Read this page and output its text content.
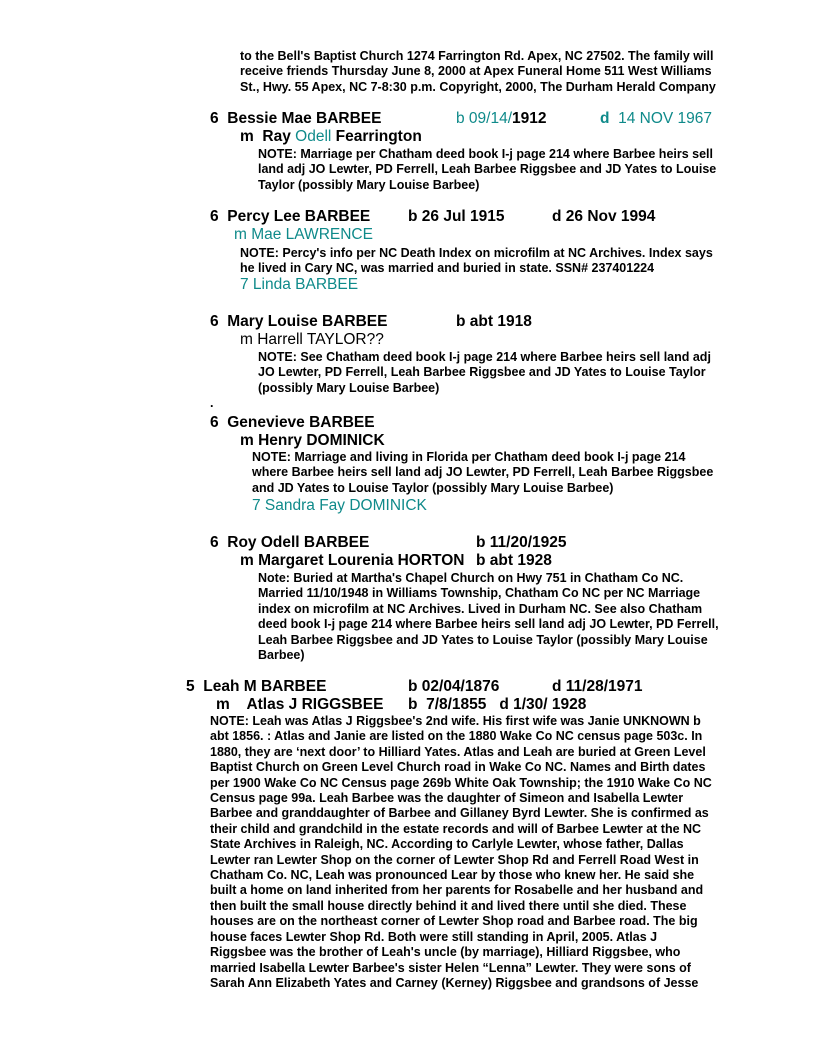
to the Bell's Baptist Church 1274 Farrington Rd. Apex, NC 27502. The family will
receive friends Thursday June 8, 2000 at Apex Funeral Home 511 West Williams
St., Hwy. 55 Apex, NC 7-8:30 p.m. Copyright, 2000, The Durham Herald Company
6 Bessie Mae BARBEE	b 09/14/1912	d 14 NOV 1967
m Ray Odell Fearrington
NOTE: Marriage per Chatham deed book I-j page 214 where Barbee heirs sell
land adj JO Lewter, PD Ferrell, Leah Barbee Riggsbee and JD Yates to Louise
Taylor (possibly Mary Louise Barbee)
6 Percy Lee BARBEE b 26 Jul 1915	d 26 Nov 1994
m Mae LAWRENCE
NOTE: Percy's info per NC Death Index on microfilm at NC Archives. Index says
he lived in Cary NC, was married and buried in state. SSN# 237401224
7 Linda BARBEE
6 Mary Louise BARBEE	b abt 1918
m Harrell TAYLOR??
NOTE: See Chatham deed book I-j page 214 where Barbee heirs sell land adj
JO Lewter, PD Ferrell, Leah Barbee Riggsbee and JD Yates to Louise Taylor
(possibly Mary Louise Barbee)
.
6 Genevieve BARBEE
m Henry DOMINICK
NOTE: Marriage and living in Florida per Chatham deed book I-j page 214
where Barbee heirs sell land adj JO Lewter, PD Ferrell, Leah Barbee Riggsbee
and JD Yates to Louise Taylor (possibly Mary Louise Barbee)
7 Sandra Fay DOMINICK
6 Roy Odell BARBEE	b 11/20/1925
m Margaret Lourenia HORTON b abt 1928
Note: Buried at Martha's Chapel Church on Hwy 751 in Chatham Co NC.
Married 11/10/1948 in Williams Township, Chatham Co NC per NC Marriage
index on microfilm at NC Archives. Lived in Durham NC. See also Chatham
deed book I-j page 214 where Barbee heirs sell land adj JO Lewter, PD Ferrell,
Leah Barbee Riggsbee and JD Yates to Louise Taylor (possibly Mary Louise
Barbee)
5 Leah M BARBEE	b 02/04/1876	d 11/28/1971
m Atlas J RIGGSBEE b  7/8/1855   d 1/30/ 1928
NOTE: Leah was Atlas J Riggsbee's 2nd wife. His first wife was Janie UNKNOWN b
abt 1856. : Atlas and Janie are listed on the 1880 Wake Co NC census page 503c. In
1880, they are ‘next door’ to Hilliard Yates. Atlas and Leah are buried at Green Level
Baptist Church on Green Level Church road in Wake Co NC. Names and Birth dates
per 1900 Wake Co NC Census page 269b White Oak Township; the 1910 Wake Co NC
Census page 99a. Leah Barbee was the daughter of Simeon and Isabella Lewter
Barbee and granddaughter of Barbee and Gillaney Byrd Lewter. She is confirmed as
their child and grandchild in the estate records and will of Barbee Lewter at the NC
State Archives in Raleigh, NC. According to Carlyle Lewter, whose father, Dallas
Lewter ran Lewter Shop on the corner of Lewter Shop Rd and Ferrell Road West in
Chatham Co. NC, Leah was pronounced Lear by those who knew her. He said she
built a home on land inherited from her parents for Rosabelle and her husband and
then built the small house directly behind it and lived there until she died. These
houses are on the northeast corner of Lewter Shop road and Barbee road. The big
house faces Lewter Shop Rd. Both were still standing in April, 2005. Atlas J
Riggsbee was the brother of Leah's uncle (by marriage), Hilliard Riggsbee, who
married Isabella Lewter Barbee's sister Helen “Lenna” Lewter. They were sons of
Sarah Ann Elizabeth Yates and Carney (Kerney) Riggsbee and grandsons of Jesse
